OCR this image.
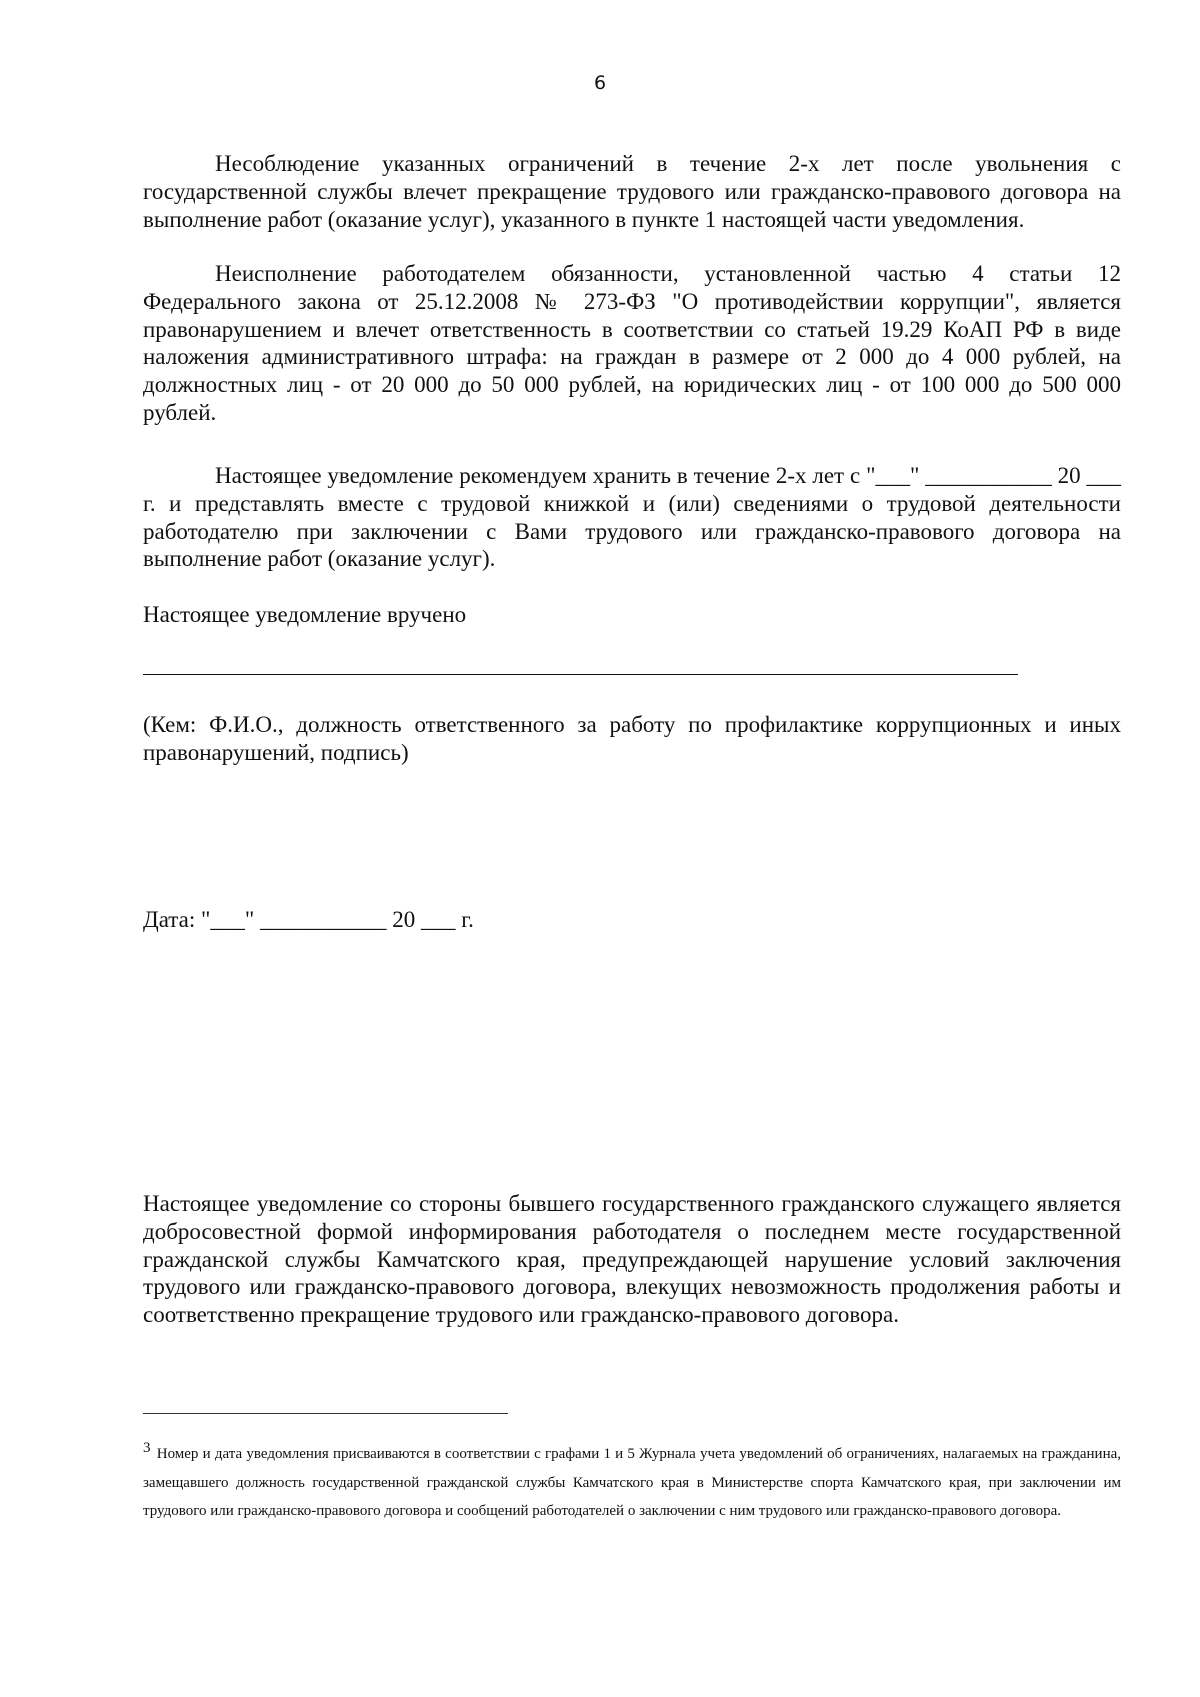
6

Несоблюдение указанных ограничений в течение 2-х лет после увольнения с государственной службы влечет прекращение трудового или гражданско-правового договора на выполнение работ (оказание услуг), указанного в пункте 1 настоящей части уведомления.

Неисполнение работодателем обязанности, установленной частью 4 статьи 12 Федерального закона от 25.12.2008 № 273-ФЗ "О противодействии коррупции", является правонарушением и влечет ответственность в соответствии со статьей 19.29 КоАП РФ в виде наложения административного штрафа: на граждан в размере от 2 000 до 4 000 рублей, на должностных лиц - от 20 000 до 50 000 рублей, на юридических лиц - от 100 000 до 500 000 рублей.

Настоящее уведомление рекомендуем хранить в течение 2-х лет с "___" ___________ 20 ___ г. и представлять вместе с трудовой книжкой и (или) сведениями о трудовой деятельности работодателю при заключении с Вами трудового или гражданско-правового договора на выполнение работ (оказание услуг).

Настоящее уведомление вручено

(Кем: Ф.И.О., должность ответственного за работу по профилактике коррупционных и иных правонарушений, подпись)

Дата: "___" ___________ 20 ___ г.

Настоящее уведомление со стороны бывшего государственного гражданского служащего является добросовестной формой информирования работодателя о последнем месте государственной гражданской службы Камчатского края, предупреждающей нарушение условий заключения трудового или гражданско-правового договора, влекущих невозможность продолжения работы и соответственно прекращение трудового или гражданско-правового договора.

$^3$ Номер и дата уведомления присваиваются в соответствии с графами 1 и 5 Журнала учета уведомлений об ограничениях, налагаемых на гражданина, замещавшего должность государственной гражданской службы Камчатского края в Министерстве спорта Камчатского края, при заключении им трудового или гражданско-правового договора и сообщений работодателей о заключении с ним трудового или гражданско-правового договора.
